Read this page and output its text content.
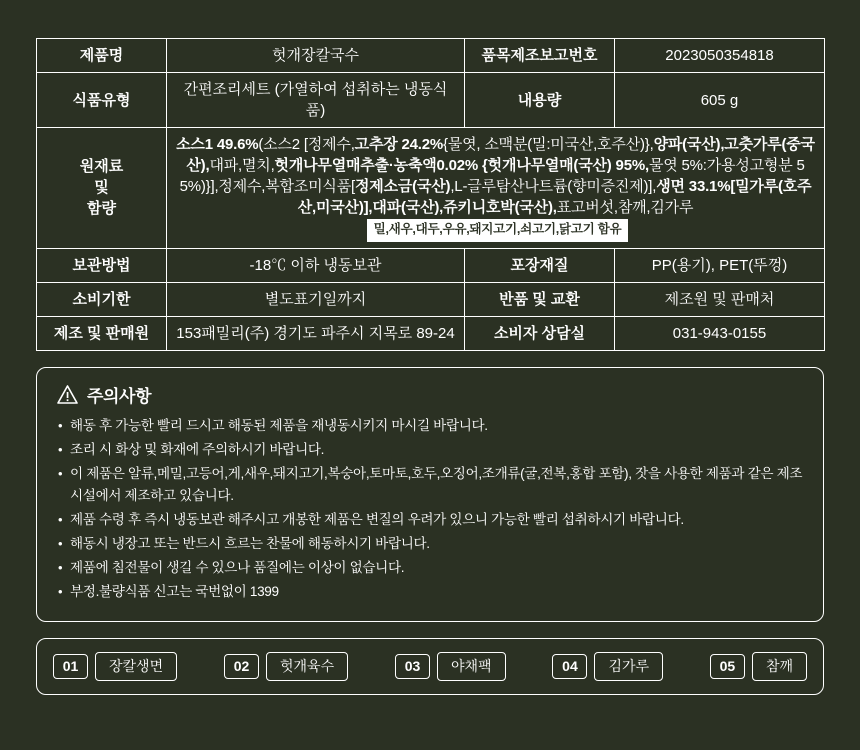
제품명	헛개장칼국수	품목제조보고번호	2023050354818
식품유형	간편조리세트 (가열하여 섭취하는 냉동식품)	내용량	605 g

원재료
및
함량
	소스1 49.6%(소스2 [정제수,고추장 24.2%{물엿, 소맥분(밀:미국산,호주산)},양파(국산),고춧가루(중국산),대파,멸치,헛개나무열매추출·농축액0.02% {헛개나무열매(국산) 95%,물엿 5%:가용성고형분 55%)}],정제수,복합조미식품[정제소금(국산),L-글루탐산나트륨(향미증진제)],생면 33.1%[밀가루(호주산,미국산)],대파(국산),쥬키니호박(국산),표고버섯,참깨,김가루밀,새우,대두,우유,돼지고기,쇠고기,닭고기 함유
보관방법	-18℃ 이하 냉동보관	포장재질	PP(용기), PET(뚜껑)
소비기한	별도표기일까지	반품 및 교환	제조원 및 판매처
제조 및 판매원	153패밀리(주) 경기도 파주시 지목로 89-24	소비자 상담실	031-943-0155
주의사항
• 해동 후 가능한 빨리 드시고 해동된 제품을 재냉동시키지 마시길 바랍니다.
• 조리 시 화상 및 화재에 주의하시기 바랍니다.
• 이 제품은 알류,메밀,고등어,게,새우,돼지고기,복숭아,토마토,호두,오징어,조개류(굴,전복,홍합 포함), 잣을 사용한 제품과 같은 제조시설에서 제조하고 있습니다.
• 제품 수령 후 즉시 냉동보관 해주시고 개봉한 제품은 변질의 우려가 있으니 가능한 빨리 섭취하시기 바랍니다.
• 해동시 냉장고 또는 반드시 흐르는 찬물에 해동하시기 바랍니다.
• 제품에 침전물이 생길 수 있으나 품질에는 이상이 없습니다.
• 부정.불량식품 신고는 국번없이 1399
01	장칼생면	02	헛개육수	03	야채팩	04	김가루	05	참깨
